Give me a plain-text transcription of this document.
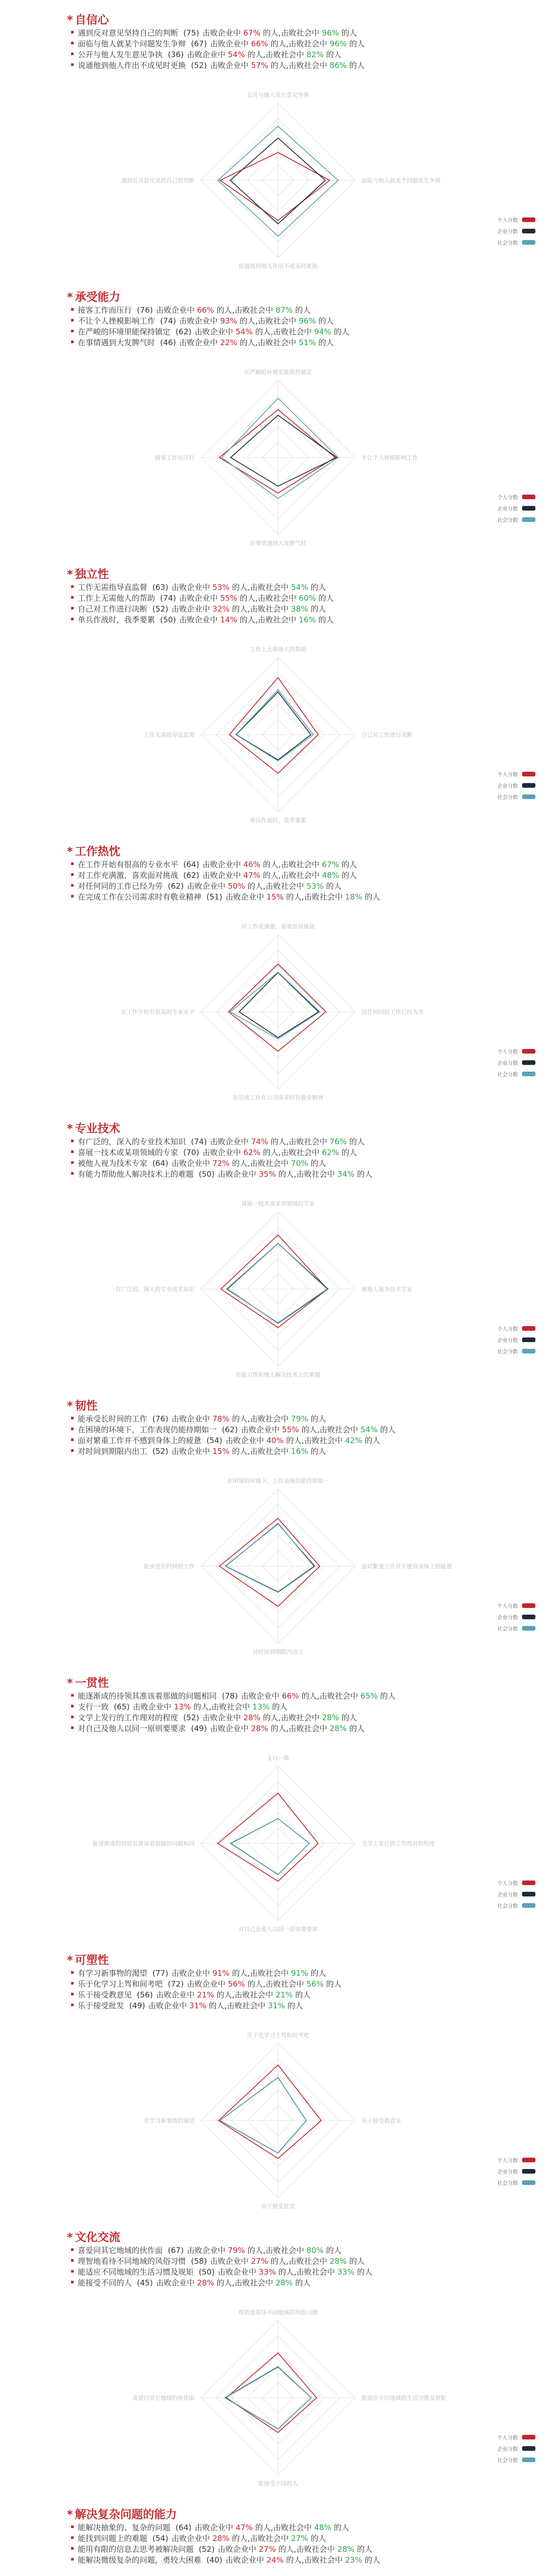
* 自信心
遇到反对意见坚持自己的判断 (75) 击败企业中 67% 的人,击败社会中 96% 的人
面临与他人就某个问题发生争辩 (67) 击败企业中 66% 的人,击败社会中 96% 的人
公开与他人发生意见争执 (36) 击败企业中 54% 的人,击败社会中 82% 的人
说通他到他人作出不成见时更换 (52) 击败企业中 57% 的人,击败社会中 86% 的人
公开与他人发生意见争执
面临与他人就某个问题发生争辩
说通他到他人作出不成见时更换
遇到反对意见坚持自己的判断
个人分数
企业分数
社会分数
* 承受能力
接客工作而压行 (76) 击败企业中 66% 的人,击败社会中 87% 的人
不让个人挫模影响工作 (74) 击败企业中 93% 的人,击败社会中 96% 的人
在严峻的环境里能保持镇定 (62) 击败企业中 54% 的人,击败社会中 94% 的人
在事情遇到大发脾气时 (46) 击败企业中 22% 的人,击败社会中 51% 的人
在严峻的环境里能保持镇定
不让个人挫模影响工作
在事情遇到大发脾气时
接客工作而压行
个人分数
企业分数
社会分数
* 独立性
工作无需指导直监督 (63) 击败企业中 53% 的人,击败社会中 54% 的人
工作上无需他人的帮助 (74) 击败企业中 55% 的人,击败社会中 60% 的人
自己对工作进行决断 (52) 击败企业中 32% 的人,击败社会中 38% 的人
单兵作战时，我季要累 (50) 击败企业中 14% 的人,击败社会中 16% 的人
工作上无需他人的帮助
自己对工作进行决断
单兵作战时，我季要累
工作无需指导直监督
个人分数
企业分数
社会分数
* 工作热忱
在工作开始有很高的专业水平 (64) 击败企业中 46% 的人,击败社会中 67% 的人
对工作充满激，喜欢面对挑战 (62) 击败企业中 47% 的人,击败社会中 48% 的人
对任何同的工作已经为劳 (62) 击败企业中 50% 的人,击败社会中 53% 的人
在完成工作在公司需求时有敬业精神 (51) 击败企业中 15% 的人,击败社会中 18% 的人
对工作充满激，喜欢面对挑战
对任何同的工作已经为劳
在完成工作在公司需求时有敬业精神
在工作开始有很高的专业水平
个人分数
企业分数
社会分数
* 专业技术
有广泛的，深入的专业技术知识 (74) 击败企业中 74% 的人,击败社会中 76% 的人
喜展一技术或某项领域的专家 (70) 击败企业中 62% 的人,击败社会中 62% 的人
被他人视为技术专家 (64) 击败企业中 72% 的人,击败社会中 70% 的人
有能力帮助他人解决技术上的难题 (50) 击败企业中 35% 的人,击败社会中 34% 的人
喜展一技术或某项领域的专家
被他人视为技术专家
有能力帮助他人解决技术上的难题
有广泛的，深入的专业技术知识
个人分数
企业分数
社会分数
* 韧性
能承受长时间的工作 (76) 击败企业中 78% 的人,击败社会中 79% 的人
在困境的环境下，工作表现仍能持期如一 (62) 击败企业中 55% 的人,击败社会中 54% 的人
面对繁重工作并不感到身体上的疲惫 (54) 击败企业中 40% 的人,击败社会中 42% 的人
对时间到期限内出工 (52) 击败企业中 15% 的人,击败社会中 16% 的人
在困境的环境下，工作表现仍能持期如一
面对繁重工作并不感到身体上的疲惫
对时间到期限内出工
能承受长时间的工作
个人分数
企业分数
社会分数
* 一贯性
能逐渐成的待领其准该着那做的问题相同 (78) 击败企业中 66% 的人,击败社会中 65% 的人
支行一致 (65) 击败企业中 13% 的人,击败社会中 13% 的人
文学上发行的工作理对的程度 (52) 击败企业中 28% 的人,击败社会中 28% 的人
对自己及他人以同一原则要要求 (49) 击败企业中 28% 的人,击败社会中 28% 的人
支行一致
文学上发行的工作理对的程度
对自己及他人以同一原则要要求
能逐渐成的待领其准该着那做的问题相同
个人分数
企业分数
社会分数
* 可塑性
有学习新事物的渴望 (77) 击败企业中 91% 的人,击败社会中 91% 的人
乐于化学习上驾和间考吧 (72) 击败企业中 56% 的人,击败社会中 56% 的人
乐于接受教意见 (56) 击败企业中 21% 的人,击败社会中 21% 的人
乐于接受批发 (49) 击败企业中 31% 的人,击败社会中 31% 的人
乐于化学习上驾和间考吧
乐于接受教意见
乐于接受批发
有学习新事物的渴望
个人分数
企业分数
社会分数
* 文化交流
喜爱同其它地域的伙作面 (67) 击败企业中 79% 的人,击败社会中 80% 的人
理智地看待不同地域的风俗习惯 (58) 击败企业中 27% 的人,击败社会中 28% 的人
能适应不同地域的生活习惯及规矩 (50) 击败企业中 33% 的人,击败社会中 33% 的人
能接受不同的人 (45) 击败企业中 28% 的人,击败社会中 28% 的人
理智地看待不同地域的风俗习惯
能适应不同地域的生活习惯及规矩
能接受不同的人
喜爱同其它地域的伙作面
个人分数
企业分数
社会分数
* 解决复杂问题的能力
能解决抽象的、复杂的问题 (64) 击败企业中 47% 的人,击败社会中 48% 的人
能找到问题上的难题 (54) 击败企业中 28% 的人,击败社会中 27% 的人
能用有限的信息去思考被解决问题 (52) 击败企业中 27% 的人,击败社会中 28% 的人
能解决微级复杂的问题，勇较大困难 (40) 击败企业中 24% 的人,击败社会中 23% 的人
